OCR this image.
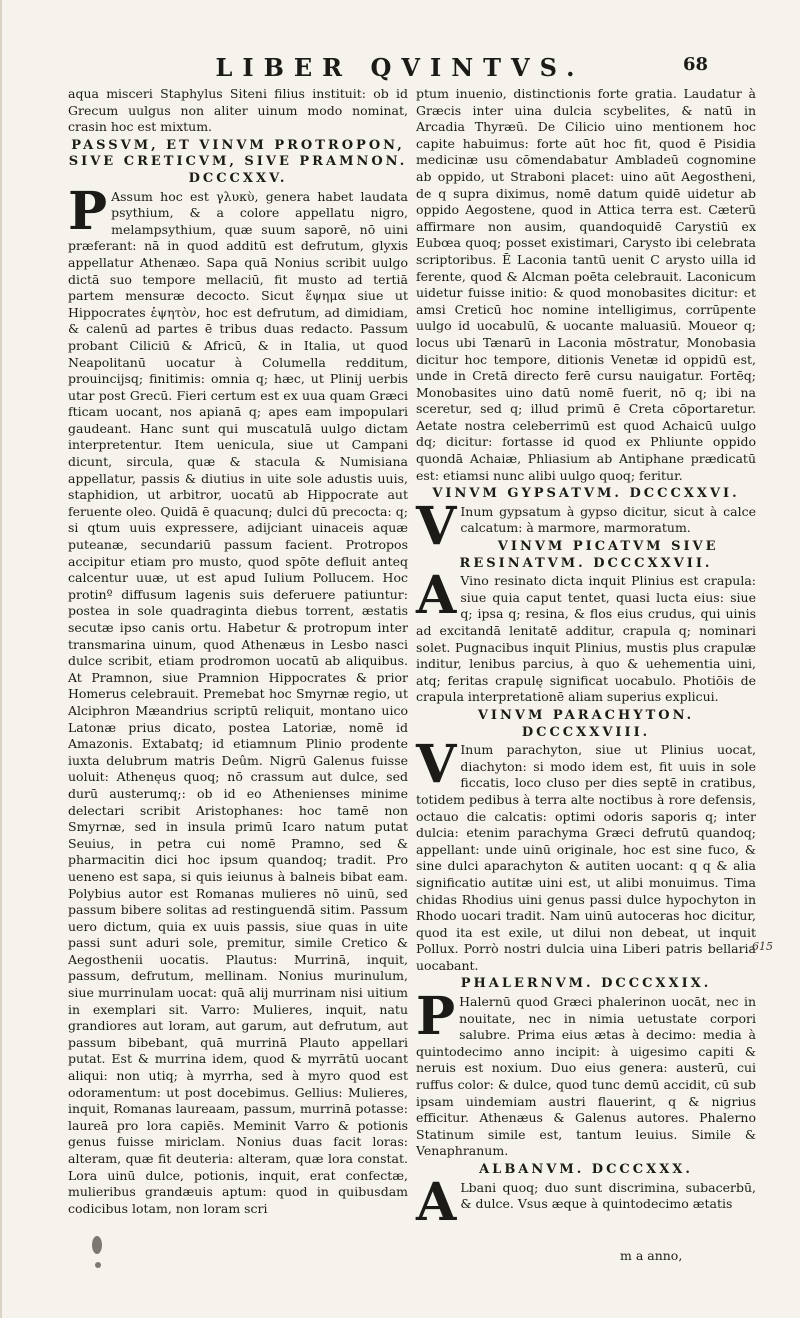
LIBER QVINTVS.	68

aqua misceri Staphylus Siteni filius instituit: ob id Grecum uulgus non aliter uinum modo nominat, crasin hoc est mixtum.

PASSVM, ET VINVM PROTROPON, SIVE CRETICVM, SIVE PRAMNON. DCCCXXV.

P Assum hoc est γλυκὺ, genera habet laudata psythium, & a colore appellatu nigro, melampsythium, quæ suum saporē, nō uini præferant: nā in quod additū est defrutum, glyxis appellatur Athenæo. Sapa quā Nonius scribit uulgo dictā suo tempore mellaciū, fit musto ad tertiā partem mensuræ decocto. Sicut ἕψημα siue ut Hippocrates ἑψητὸν, hoc est defrutum, ad dimidiam, & calenū ad partes ē tribus duas redacto. Passum probant Ciliciū & Africū, & in Italia, ut quod Neapolitanū uocatur à Columella redditum, prouincijsq; finitimis: omnia q; hæc, ut Plinij uerbis utar post Grecū. Fieri certum est ex uua quam Græci fticam uocant, nos apianā q; apes eam impopulari gaudeant. Hanc sunt qui muscatulā uulgo dictam interpretentur. Item uenicula, siue ut Campani dicunt, sircula, quæ & stacula & Numisiana appellatur, passis & diutius in uite sole adustis uuis, staphidion, ut arbitror, uocatū ab Hippocrate aut feruente oleo. Quidā ē quacunq; dulci dū precocta: q; si qtum uuis expressere, adijciant uinaceis aquæ puteanæ, secundariū passum facient. Protropos accipitur etiam pro musto, quod spōte defluit anteq calcentur uuæ, ut est apud Iulium Pollucem. Hoc protinº diffusum lagenis suis deferuere patiuntur: postea in sole quadraginta diebus torrent, æstatis secutæ ipso canis ortu. Habetur & protropum inter transmarina uinum, quod Athenæus in Lesbo nasci dulce scribit, etiam prodromon uocatū ab aliquibus. At Pramnon, siue Pramnion Hippocrates & prior Homerus celebrauit. Premebat hoc Smyrnæ regio, ut Alciphron Mæandrius scriptū reliquit, montano uico Latonæ prius dicato, postea Latoriæ, nomē id Amazonis. Extabatq; id etiamnum Plinio prodente iuxta delubrum matris Deûm. Nigrū Galenus fuisse uoluit: Athenęus quoq; nō crassum aut dulce, sed durū austerumq;: ob id eo Athenienses minime delectari scribit Aristophanes: hoc tamē non Smyrnæ, sed in insula primū Icaro natum putat Seuius, in petra cui nomē Pramno, sed & pharmacitin dici hoc ipsum quandoq; tradit. Pro ueneno est sapa, si quis ieiunus à balneis bibat eam. Polybius autor est Romanas mulieres nō uinū, sed passum bibere solitas ad restinguendā sitim. Passum uero dictum, quia ex uuis passis, siue quas in uite passi sunt aduri sole, premitur, simile Cretico & Aegosthenii uocatis. Plautus: Murrinā, inquit, passum, defrutum, mellinam. Nonius murinulum, siue murrinulam uocat: quā alij murrinam nisi uitium in exemplari sit. Varro: Mulieres, inquit, natu grandiores aut loram, aut garum, aut defrutum, aut passum bibebant, quā murrinā Plauto appellari putat. Est & murrina idem, quod & myrrātū uocant aliqui: non utiq; à myrrha, sed à myro quod est odoramentum: ut post docebimus. Gellius: Mulieres, inquit, Romanas laureaam, passum, murrinā potasse: laureā pro lora capiēs. Meminit Varro & potionis genus fuisse miriclam. Nonius duas facit loras: alteram, quæ fit deuteria: alteram, quæ lora constat. Lora uinū dulce, potionis, inquit, erat confectæ, mulieribus grandæuis aptum: quod in quibusdam codicibus lotam, non loram scri

ptum inuenio, distinctionis forte gratia. Laudatur à Græcis inter uina dulcia scybelites, & natū in Arcadia Thyræū. De Cilicio uino mentionem hoc capite habuimus: forte aūt hoc fit, quod ē Pisidia medicinæ usu cōmendabatur Ambladeū cognomine ab oppido, ut Straboni placet: uino aūt Aegostheni, de q supra diximus, nomē datum quidē uidetur ab oppido Aegostene, quod in Attica terra est. Cæterū affirmare non ausim, quandoquidē Carystiū ex Eubœa quoq; posset existimari, Carysto ibi celebrata scriptoribus. Ē Laconia tantū uenit C arysto uilla id ferente, quod & Alcman poēta celebrauit. Laconicum uidetur fuisse initio: & quod monobasites dicitur: et amsi Creticū hoc nomine intelligimus, corrūpente uulgo id uocabulū, & uocante maluasiū. Moueor q; locus ubi Tænarū in Laconia mōstratur, Monobasia dicitur hoc tempore, ditionis Venetæ id oppidū est, unde in Cretā directo ferē cursu nauigatur. Fortēq; Monobasites uino datū nomē fuerit, nō q; ibi na sceretur, sed q; illud primū ē Creta cōportaretur. Aetate nostra celeberrimū est quod Achaicū uulgo dq; dicitur: fortasse id quod ex Phliunte oppido quondā Achaiæ, Phliasium ab Antiphane prædicatū est: etiamsi nunc alibi uulgo quoq; feritur.

VINVM GYPSATVM. DCCCXXVI.

V Inum gypsatum à gypso dicitur, sicut à calce calcatum: à marmore, marmoratum.

VINVM PICATVM SIVE RESINATVM. DCCCXXVII.

A Vino resinato dicta inquit Plinius est crapula: siue quia caput tentet, quasi lucta eius: siue q; ipsa q; resina, & flos eius crudus, qui uinis ad excitandā lenitatē additur, crapula q; nominari solet. Pugnacibus inquit Plinius, mustis plus crapulæ inditur, lenibus parcius, à quo & uehementia uini, atq; feritas crapulę significat uocabulo. Photiōis de crapula interpretationē aliam superius explicui.

VINVM PARACHYTON. DCCCXXVIII.

V Inum parachyton, siue ut Plinius uocat, diachyton: si modo idem est, fit uuis in sole ficcatis, loco cluso per dies septē in cratibus, totidem pedibus à terra alte noctibus à rore defensis, octauo die calcatis: optimi odoris saporis q; inter dulcia: etenim parachyma Græci defrutū quandoq; appellant: unde uinū originale, hoc est sine fuco, & sine dulci aparachyton & autiten uocant: q q & alia significatio autitæ uini est, ut alibi monuimus. Tima chidas Rhodius uini genus passi dulce hypochyton in Rhodo uocari tradit. Nam uinū autoceras hoc dicitur, quod ita est exile, ut dilui non debeat, ut inquit Pollux. Porrò nostri dulcia uina Liberi patris bellaria uocabant.

PHALERNVM. DCCCXXIX.

P Halernū quod Græci phalerinon uocāt, nec in nouitate, nec in nimia uetustate corpori salubre. Prima eius ætas à decimo: media à quintodecimo anno incipit: à uigesimo capiti & neruis est noxium. Duo eius genera: austerū, cui ruffus color: & dulce, quod tunc demū accidit, cū sub ipsam uindemiam austri flauerint, q & nigrius efficitur. Athenæus & Galenus autores. Phalerno Statinum simile est, tantum leuius. Simile & Venaphranum.

ALBANVM. DCCCXXX.

A Lbani quoq; duo sunt discrimina, subacerbū, & dulce. Vsus æque à quintodecimo ætatis

615
m a anno,
